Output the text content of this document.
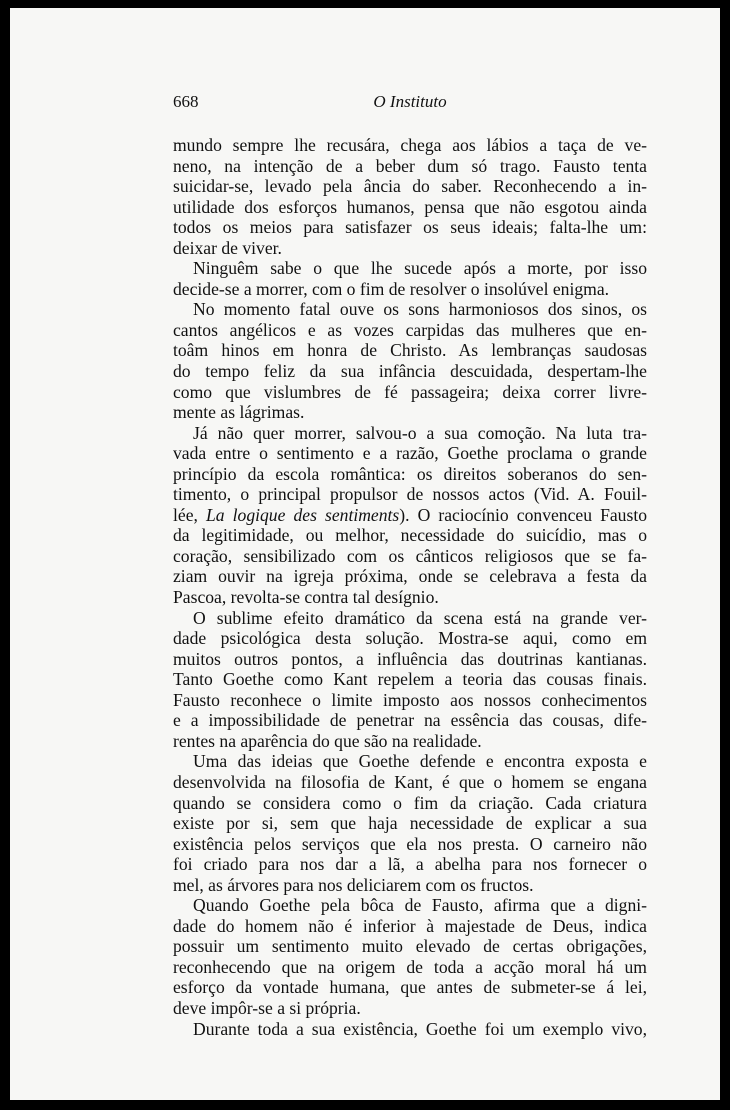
668	O Instituto
mundo sempre lhe recusára, chega aos lábios a taça de ve-
neno, na intenção de a beber dum só trago. Fausto tenta
suicidar-se, levado pela ância do saber. Reconhecendo a in-
utilidade dos esforços humanos, pensa que não esgotou ainda
todos os meios para satisfazer os seus ideais; falta-lhe um:
deixar de viver.
Ninguêm sabe o que lhe sucede após a morte, por isso
decide-se a morrer, com o fim de resolver o insolúvel enigma.
No momento fatal ouve os sons harmoniosos dos sinos, os
cantos angélicos e as vozes carpidas das mulheres que en-
toâm hinos em honra de Christo. As lembranças saudosas
do tempo feliz da sua infância descuidada, despertam-lhe
como que vislumbres de fé passageira; deixa correr livre-
mente as lágrimas.
Já não quer morrer, salvou-o a sua comoção. Na luta tra-
vada entre o sentimento e a razão, Goethe proclama o grande
princípio da escola romântica: os direitos soberanos do sen-
timento, o principal propulsor de nossos actos (Vid. A. Fouil-
lée, La logique des sentiments). O raciocínio convenceu Fausto
da legitimidade, ou melhor, necessidade do suicídio, mas o
coração, sensibilizado com os cânticos religiosos que se fa-
ziam ouvir na igreja próxima, onde se celebrava a festa da
Pascoa, revolta-se contra tal desígnio.
O sublime efeito dramático da scena está na grande ver-
dade psicológica desta solução. Mostra-se aqui, como em
muitos outros pontos, a influência das doutrinas kantianas.
Tanto Goethe como Kant repelem a teoria das cousas finais.
Fausto reconhece o limite imposto aos nossos conhecimentos
e a impossibilidade de penetrar na essência das cousas, dife-
rentes na aparência do que são na realidade.
Uma das ideias que Goethe defende e encontra exposta e
desenvolvida na filosofia de Kant, é que o homem se engana
quando se considera como o fim da criação. Cada criatura
existe por si, sem que haja necessidade de explicar a sua
existência pelos serviços que ela nos presta. O carneiro não
foi criado para nos dar a lã, a abelha para nos fornecer o
mel, as árvores para nos deliciarem com os fructos.
Quando Goethe pela bôca de Fausto, afirma que a digni-
dade do homem não é inferior à majestade de Deus, indica
possuir um sentimento muito elevado de certas obrigações,
reconhecendo que na origem de toda a acção moral há um
esforço da vontade humana, que antes de submeter-se á lei,
deve impôr-se a si própria.
Durante toda a sua existência, Goethe foi um exemplo vivo,
